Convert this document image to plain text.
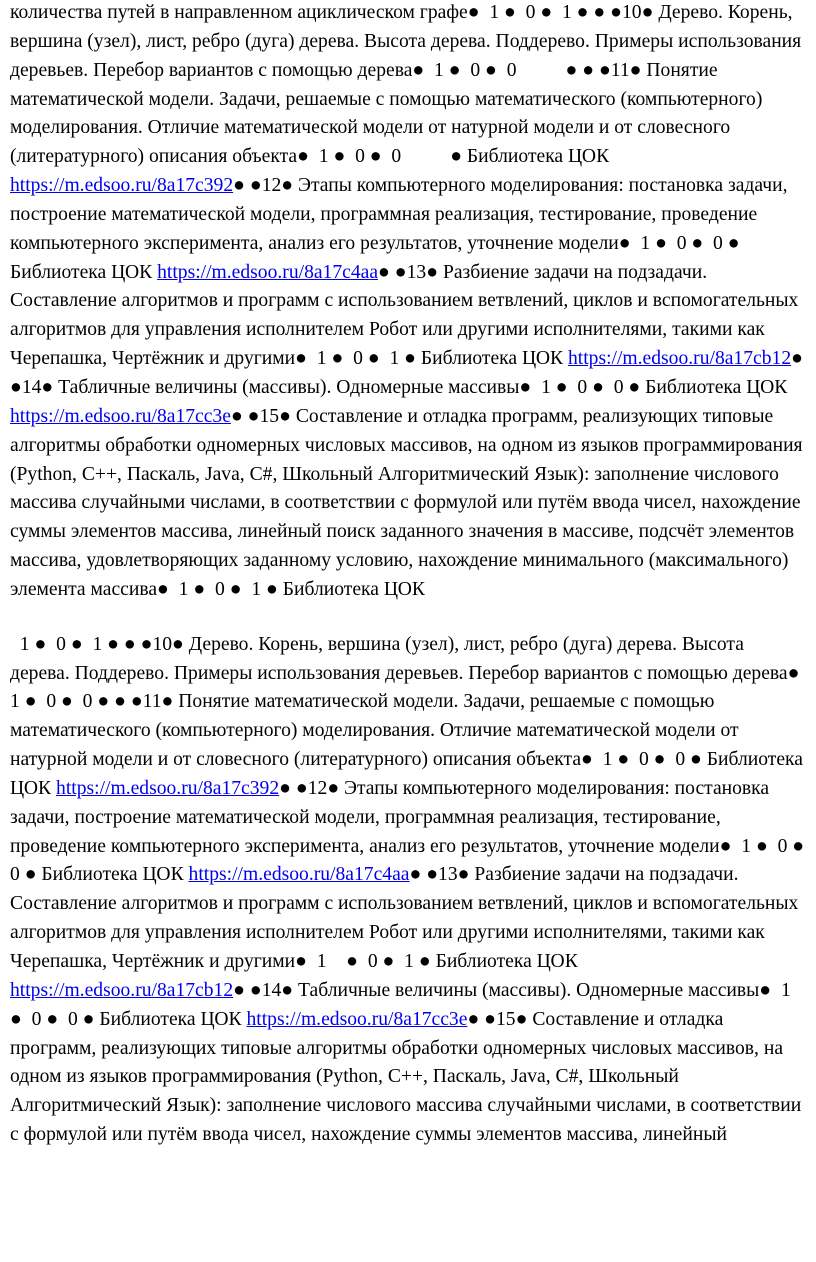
количества путей в направленном ациклическом графе●  1 ●  0 ●  1 ● ● ●10● Дерево. Корень, вершина (узел), лист, ребро (дуга) дерева. Высота дерева. Поддерево. Примеры использования деревьев. Перебор вариантов с помощью дерева●  1 ●  0 ●  0          ● ● ●11● Понятие математической модели. Задачи, решаемые с помощью математического (компьютерного) моделирования. Отличие математической модели от натурной модели и от словесного (литературного) описания объекта●  1 ●  0 ●  0          ● Библиотека ЦОК https://m.edsoo.ru/8a17c392● ●12● Этапы компьютерного моделирования: постановка задачи, построение математической модели, программная реализация, тестирование, проведение компьютерного эксперимента, анализ его результатов, уточнение модели●  1 ●  0 ●  0 ● Библиотека ЦОК https://m.edsoo.ru/8a17c4aa● ●13● Разбиение задачи на подзадачи. Составление алгоритмов и программ с использованием ветвлений, циклов и вспомогательных алгоритмов для управления исполнителем Робот или другими исполнителями, такими как Черепашка, Чертёжник и другими●  1 ●  0 ●  1 ● Библиотека ЦОК https://m.edsoo.ru/8a17cb12● ●14● Табличные величины (массивы). Одномерные массивы●  1 ●  0 ●  0 ● Библиотека ЦОК https://m.edsoo.ru/8a17cc3e● ●15● Составление и отладка программ, реализующих типовые алгоритмы обработки одномерных числовых массивов, на одном из языков программирования (Python, C++, Паскаль, Java, C#, Школьный Алгоритмический Язык): заполнение числового массива случайными числами, в соответствии с формулой или путём ввода чисел, нахождение суммы элементов массива, линейный поиск заданного значения в массиве, подсчёт элементов массива, удовлетворяющих заданному условию, нахождение минимального (максимального) элемента массива●  1 ●  0 ●  1 ● Библиотека ЦОК

1 ●  0 ●  1 ● ● ●10● Дерево. Корень, вершина (узел), лист, ребро (дуга) дерева. Высота дерева. Поддерево. Примеры использования деревьев. Перебор вариантов с помощью дерева●  1 ●  0 ●  0 ● ● ●11● Понятие математической модели. Задачи, решаемые с помощью математического (компьютерного) моделирования. Отличие математической модели от натурной модели и от словесного (литературного) описания объекта●  1 ●  0 ●  0 ● Библиотека ЦОК https://m.edsoo.ru/8a17c392● ●12● Этапы компьютерного моделирования: постановка задачи, построение математической модели, программная реализация, тестирование, проведение компьютерного эксперимента, анализ его результатов, уточнение модели●  1 ●  0 ●  0 ● Библиотека ЦОК https://m.edsoo.ru/8a17c4aa● ●13● Разбиение задачи на подзадачи. Составление алгоритмов и программ с использованием ветвлений, циклов и вспомогательных алгоритмов для управления исполнителем Робот или другими исполнителями, такими как Черепашка, Чертёжник и другими●  1    ●  0 ●  1 ● Библиотека ЦОК https://m.edsoo.ru/8a17cb12● ●14● Табличные величины (массивы). Одномерные массивы●  1 ●  0 ●  0 ● Библиотека ЦОК https://m.edsoo.ru/8a17cc3e● ●15● Составление и отладка программ, реализующих типовые алгоритмы обработки одномерных числовых массивов, на одном из языков программирования (Python, C++, Паскаль, Java, C#, Школьный Алгоритмический Язык): заполнение числового массива случайными числами, в соответствии с формулой или путём ввода чисел, нахождение суммы элементов массива, линейный
